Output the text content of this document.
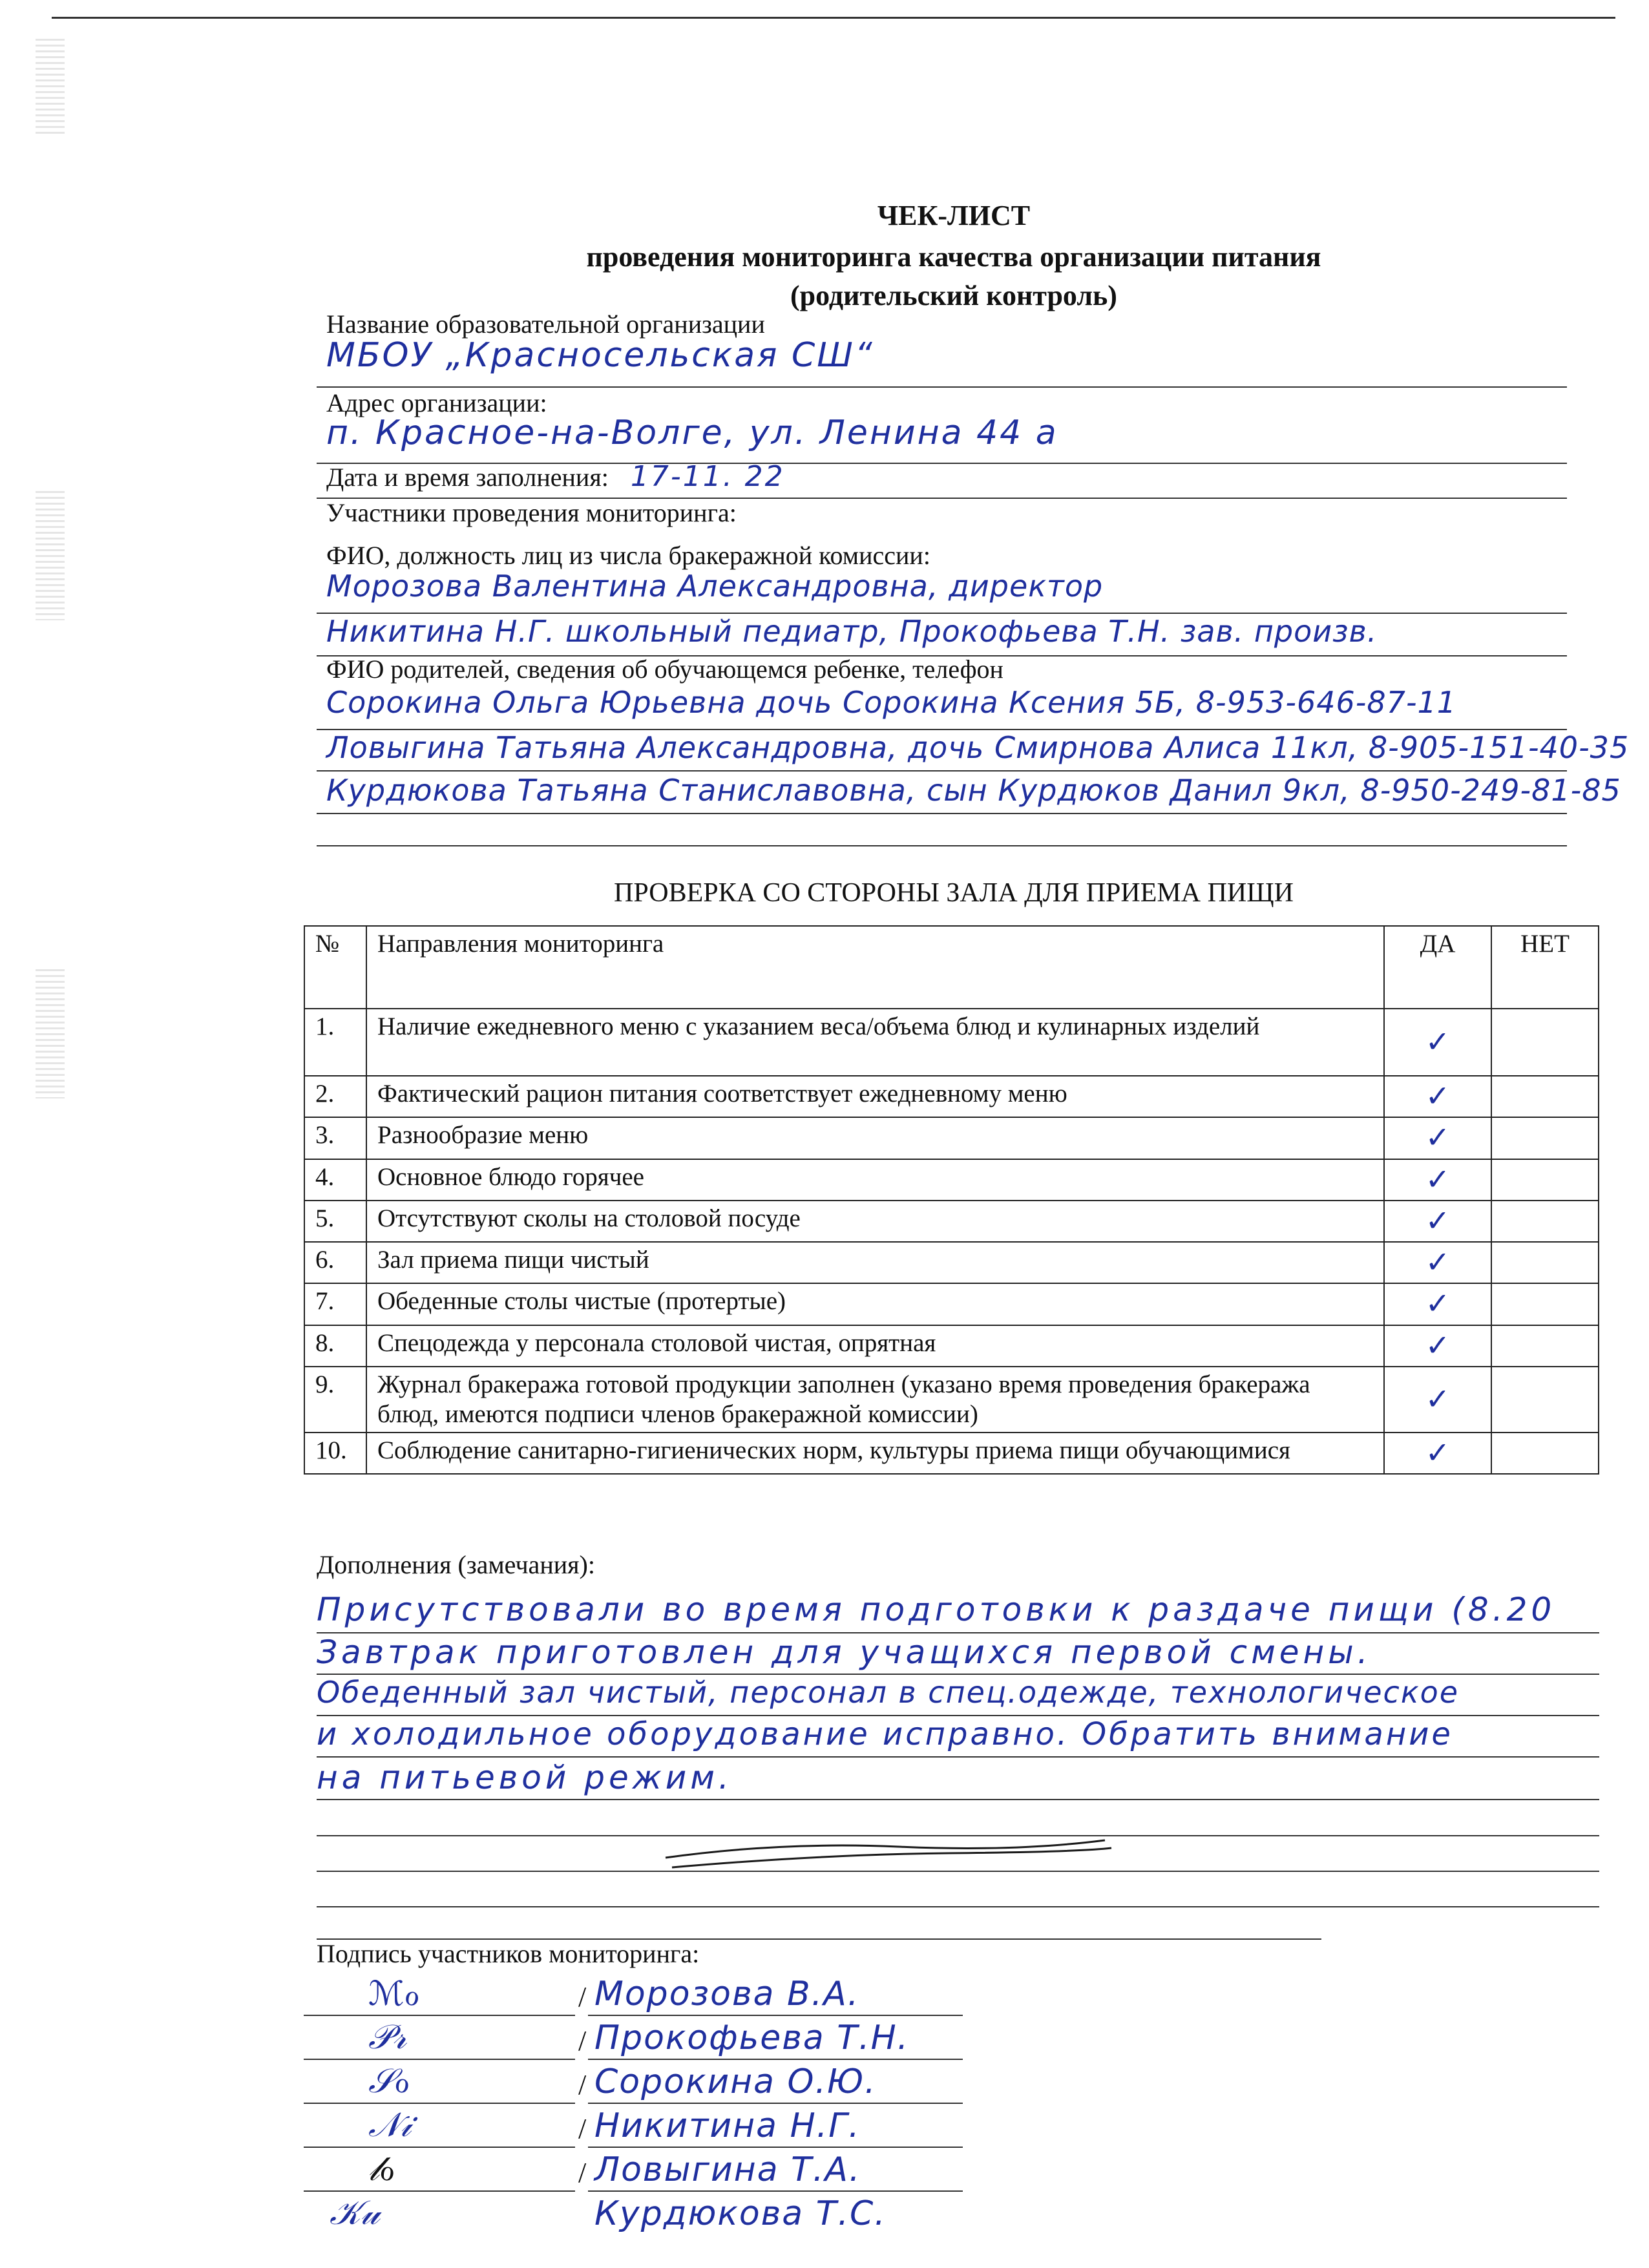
ЧЕК-ЛИСТ
проведения мониторинга качества организации питания
(родительский контроль)
Название образовательной организации
МБОУ „Красносельская СШ“
Адрес организации:
п. Красное-на-Волге, ул. Ленина 44 а
Дата и время заполнения: 17-11. 22
Участники проведения мониторинга:
ФИО, должность лиц из числа бракеражной комиссии:
Морозова Валентина Александровна, директор
Никитина Н.Г. школьный педиатр, Прокофьева Т.Н. зав. произв.
ФИО родителей, сведения об обучающемся ребенке, телефон
Сорокина Ольга Юрьевна дочь Сорокина Ксения 5Б, 8-953-646-87-11
Ловыгина Татьяна Александровна, дочь Смирнова Алиса 11кл, 8-905-151-40-35
Курдюкова Татьяна Станиславовна, сын Курдюков Данил 9кл, 8-950-249-81-85
ПРОВЕРКА СО СТОРОНЫ ЗАЛА ДЛЯ ПРИЕМА ПИЩИ
№	Направления мониторинга	ДА	НЕТ
1.	Наличие ежедневного меню с указанием веса/объема блюд и кулинарных изделий	✓	
2.	Фактический рацион питания соответствует ежедневному меню	✓	
3.	Разнообразие меню	✓	
4.	Основное блюдо горячее	✓	
5.	Отсутствуют сколы на столовой посуде	✓	
6.	Зал приема пищи чистый	✓	
7.	Обеденные столы чистые (протертые)	✓	
8.	Спецодежда у персонала столовой чистая, опрятная	✓	
9.	Журнал бракеража готовой продукции заполнен (указано время проведения бракеража блюд, имеются подписи членов бракеражной комиссии)	✓	
10.	Соблюдение санитарно-гигиенических норм, культуры приема пищи обучающимися	✓	
Дополнения (замечания):
Присутствовали во время подготовки к раздаче пищи (8.20
Завтрак приготовлен для учащихся первой смены.
Обеденный зал чистый, персонал в спец.одежде, технологическое
и холодильное оборудование исправно. Обратить внимание
на питьевой режим.
Подпись участников мониторинга:
ℳℴ	/ Морозова В.А.
𝒫𝓇	/ Прокофьева Т.Н.
𝒮ℴ	/ Сорокина О.Ю.
𝒩𝒾	/ Никитина Н.Г.
𝓁ℴ	/ Ловыгина Т.А.
𝒦𝓊	Курдюкова Т.С.
